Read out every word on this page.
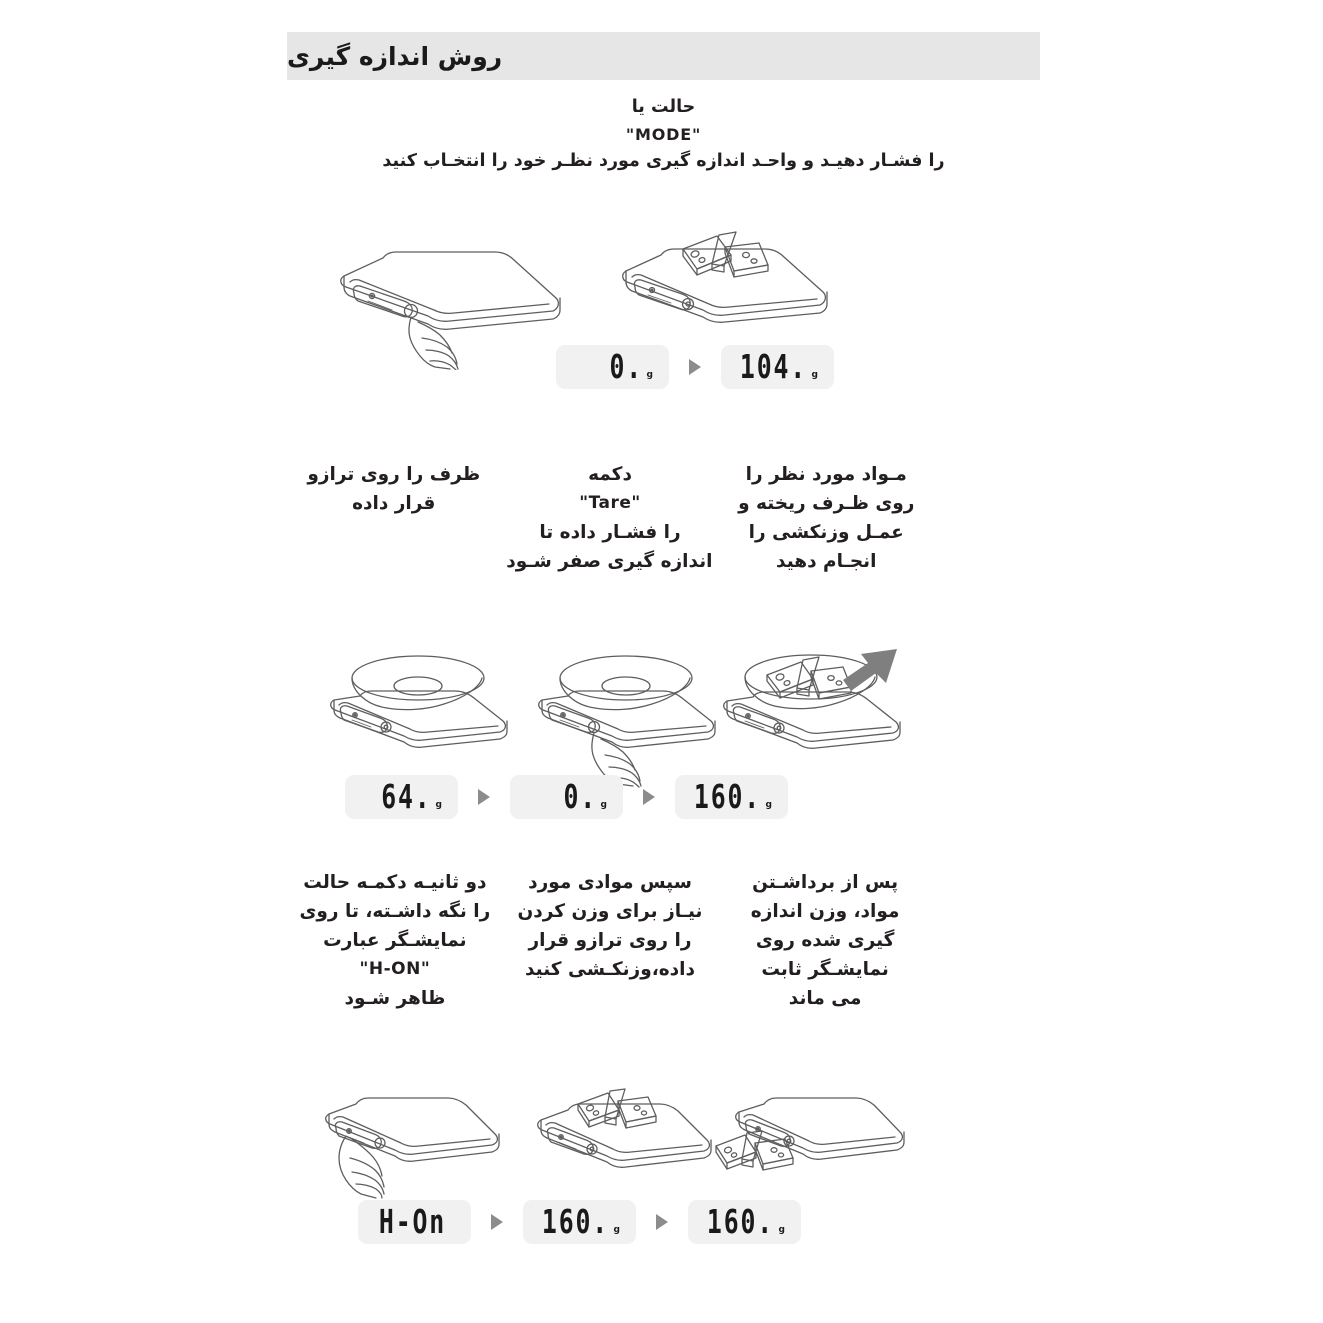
روش اندازه گیری
حالت یا
"MODE"
را فشـار دهیـد و واحـد اندازه گیری مورد نظـر خود را انتخـاب کنید
0. g	104. g
مـواد مورد نظر را
روی ظـرف ریخته و
عمـل وزنکشی را
انجـام دهید
دکمه
"Tare"
را فشـار داده تا
اندازه گیری صفر شـود
ظرف را روی ترازو
قرار داده
64. g	0. g	160. g
پس از برداشـتن
مواد، وزن اندازه
گیری شده روی
نمایشـگر ثابت
می ماند
سپس موادی مورد
نیـاز برای وزن کردن
را روی ترازو قرار
داده،وزنکـشی کنید
دو ثانیـه دکمـه حالت
را نگه داشـته، تا روی
نمایشـگر عبارت
"H-ON"
ظاهر شـود
H-On	160. g	160. g
